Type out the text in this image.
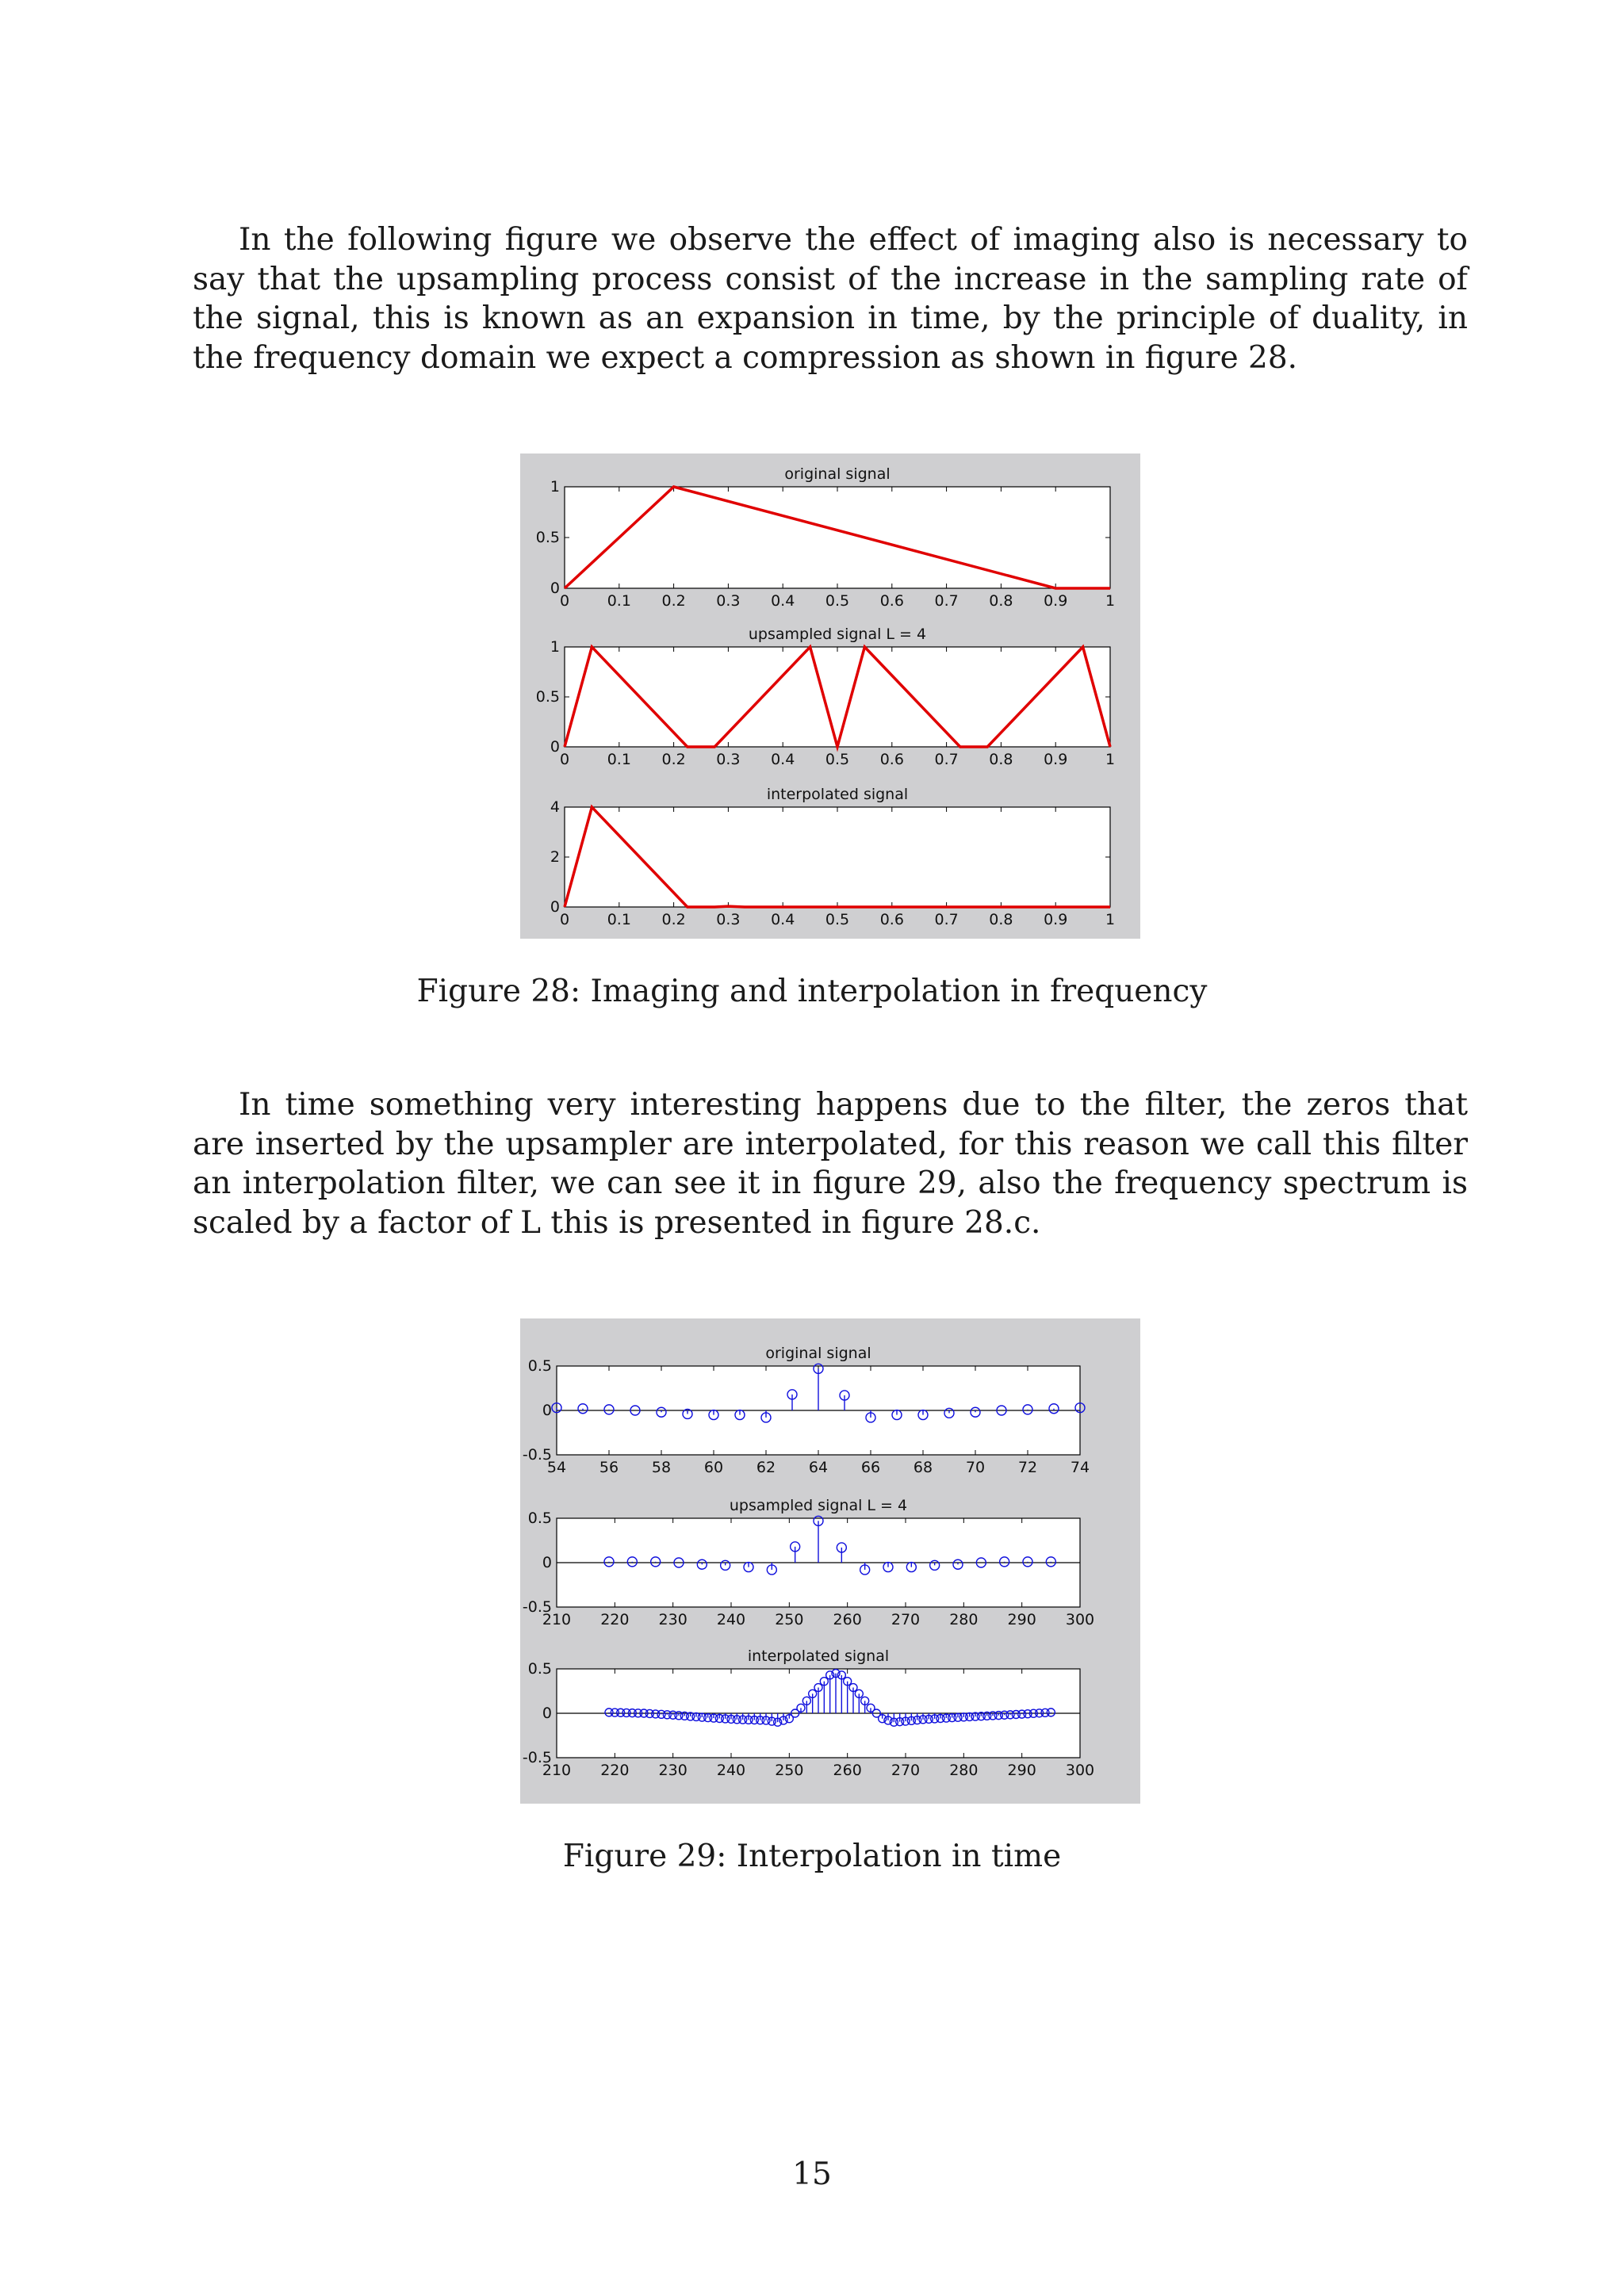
In the following figure we observe the effect of imaging also is necessary to say that the upsampling process consist of the increase in the sampling rate of the signal, this is known as an expansion in time, by the principle of duality, in the frequency domain we expect a compression as shown in figure 28.

original signal
0	0.1 0.2 0.3 0.4 0.5 0.6 0.7 0.8 0.9	1
0
0.5
1
upsampled signal L = 4
0	0.1 0.2 0.3 0.4 0.5 0.6 0.7 0.8 0.9	1
0
0.5
1
interpolated signal
0	0.1 0.2 0.3 0.4 0.5 0.6 0.7 0.8 0.9	1
0
2
4

Figure 28: Imaging and interpolation in frequency

In time something very interesting happens due to the filter, the zeros that are inserted by the upsampler are interpolated, for this reason we call this filter an interpolation filter, we can see it in figure 29, also the frequency spectrum is scaled by a factor of L this is presented in figure 28.c.

original signal
54 56 58 60 62 64 66 68 70 72 74
-0.5
0
0.5
upsampled signal L = 4
210 220 230 240 250 260 270 280 290 300
-0.5
0
0.5
interpolated signal
210 220 230 240 250 260 270 280 290 300
-0.5
0
0.5

Figure 29: Interpolation in time

15
